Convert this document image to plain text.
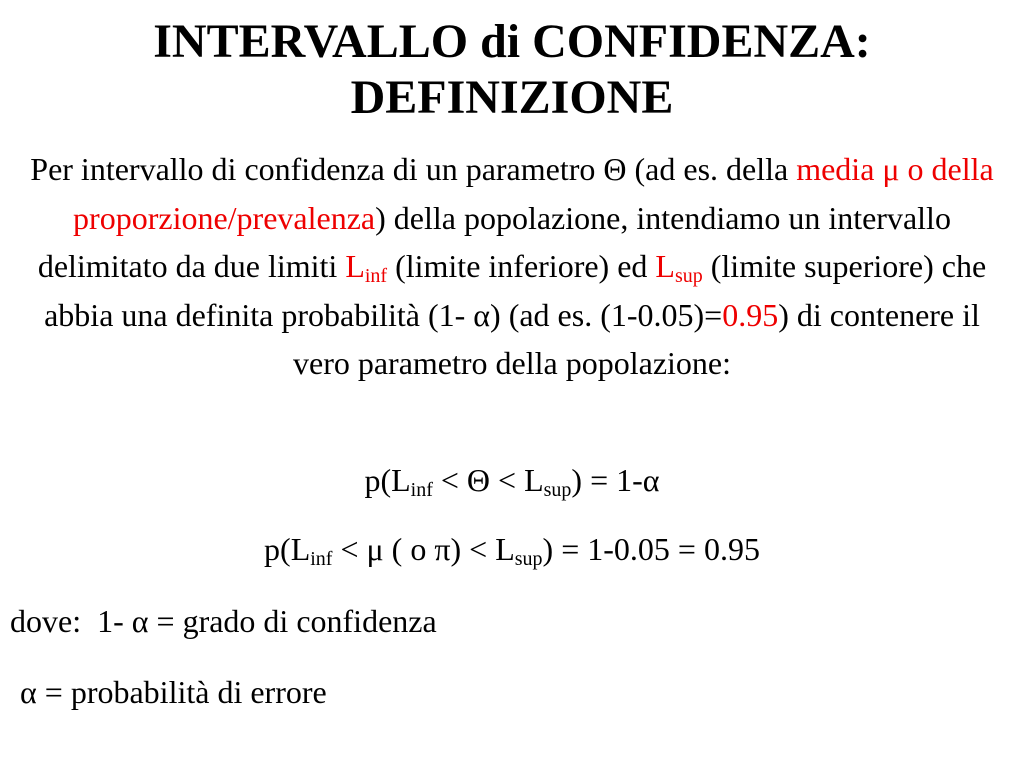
INTERVALLO di CONFIDENZA:
DEFINIZIONE
Per intervallo di confidenza di un parametro Θ (ad es. della media μ o della proporzione/prevalenza) della popolazione, intendiamo un intervallo delimitato da due limiti $L_{inf}$ (limite inferiore) ed $L_{sup}$ (limite superiore) che abbia una definita probabilità (1- α) (ad es. (1-0.05)=0.95) di contenere il vero parametro della popolazione:
$p(L_{inf} < \Theta < L_{sup}) = 1-\alpha$
$p(L_{inf} < \mu$ ( o $\pi) < L_{sup}) = 1-0.05 = 0.95$
dove:  1- α = grado di confidenza
α = probabilità di errore
